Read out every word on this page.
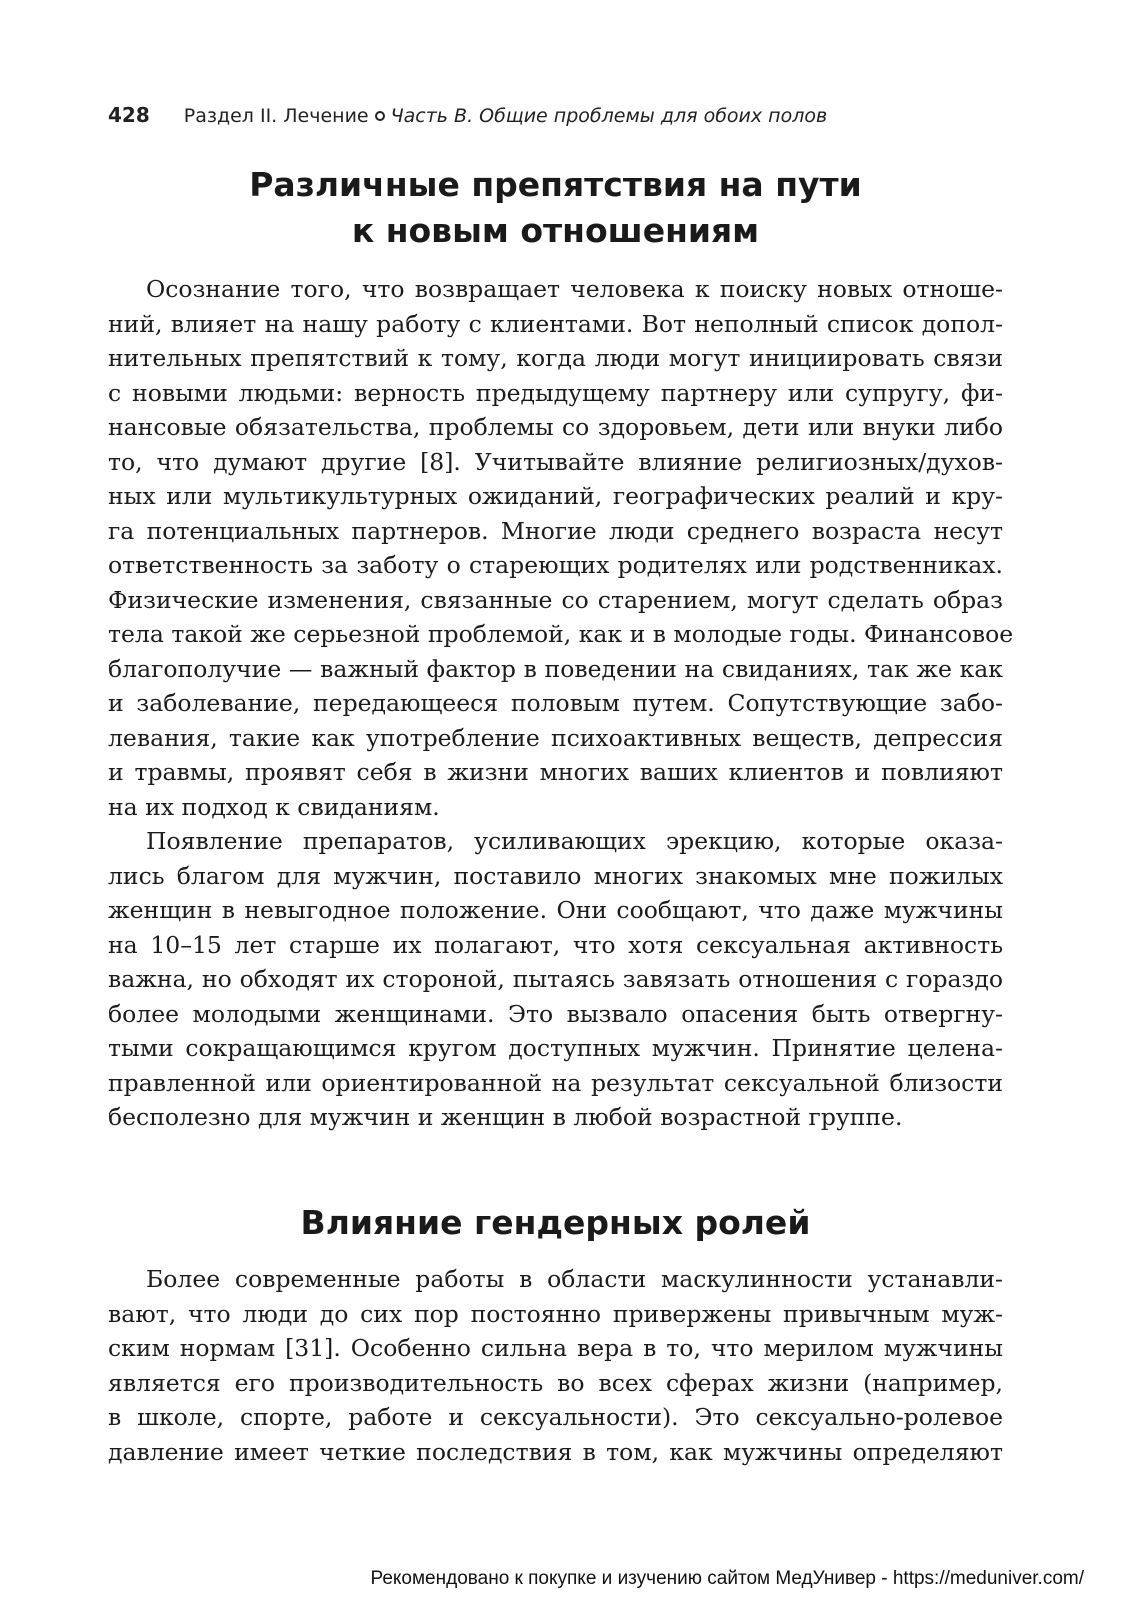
428 Раздел II. Лечение Часть В. Общие проблемы для обоих полов
Различные препятствия на пути
к новым отношениям
Осознание того, что возвращает человека к поиску новых отноше-
ний, влияет на нашу работу с клиентами. Вот неполный список допол-
нительных препятствий к тому, когда люди могут инициировать связи
с новыми людьми: верность предыдущему партнеру или супругу, фи-
нансовые обязательства, проблемы со здоровьем, дети или внуки либо
то, что думают другие [8]. Учитывайте влияние религиозных/духов-
ных или мультикультурных ожиданий, географических реалий и кру-
га потенциальных партнеров. Многие люди среднего возраста несут
ответственность за заботу о стареющих родителях или родственниках.
Физические изменения, связанные со старением, могут сделать образ
тела такой же серьезной проблемой, как и в молодые годы. Финансовое
благополучие — важный фактор в поведении на свиданиях, так же как
и заболевание, передающееся половым путем. Сопутствующие забо-
левания, такие как употребление психоактивных веществ, депрессия
и травмы, проявят себя в жизни многих ваших клиентов и повлияют
на их подход к свиданиям.
Появление препаратов, усиливающих эрекцию, которые оказа-
лись благом для мужчин, поставило многих знакомых мне пожилых
женщин в невыгодное положение. Они сообщают, что даже мужчины
на 10–15 лет старше их полагают, что хотя сексуальная активность
важна, но обходят их стороной, пытаясь завязать отношения с гораздо
более молодыми женщинами. Это вызвало опасения быть отвергну-
тыми сокращающимся кругом доступных мужчин. Принятие целена-
правленной или ориентированной на результат сексуальной близости
бесполезно для мужчин и женщин в любой возрастной группе.
Влияние гендерных ролей
Более современные работы в области маскулинности устанавли-
вают, что люди до сих пор постоянно привержены привычным муж-
ским нормам [31]. Особенно сильна вера в то, что мерилом мужчины
является его производительность во всех сферах жизни (например,
в школе, спорте, работе и сексуальности). Это сексуально-ролевое
давление имеет четкие последствия в том, как мужчины определяют
Рекомендовано к покупке и изучению сайтом МедУнивер - https://meduniver.com/
